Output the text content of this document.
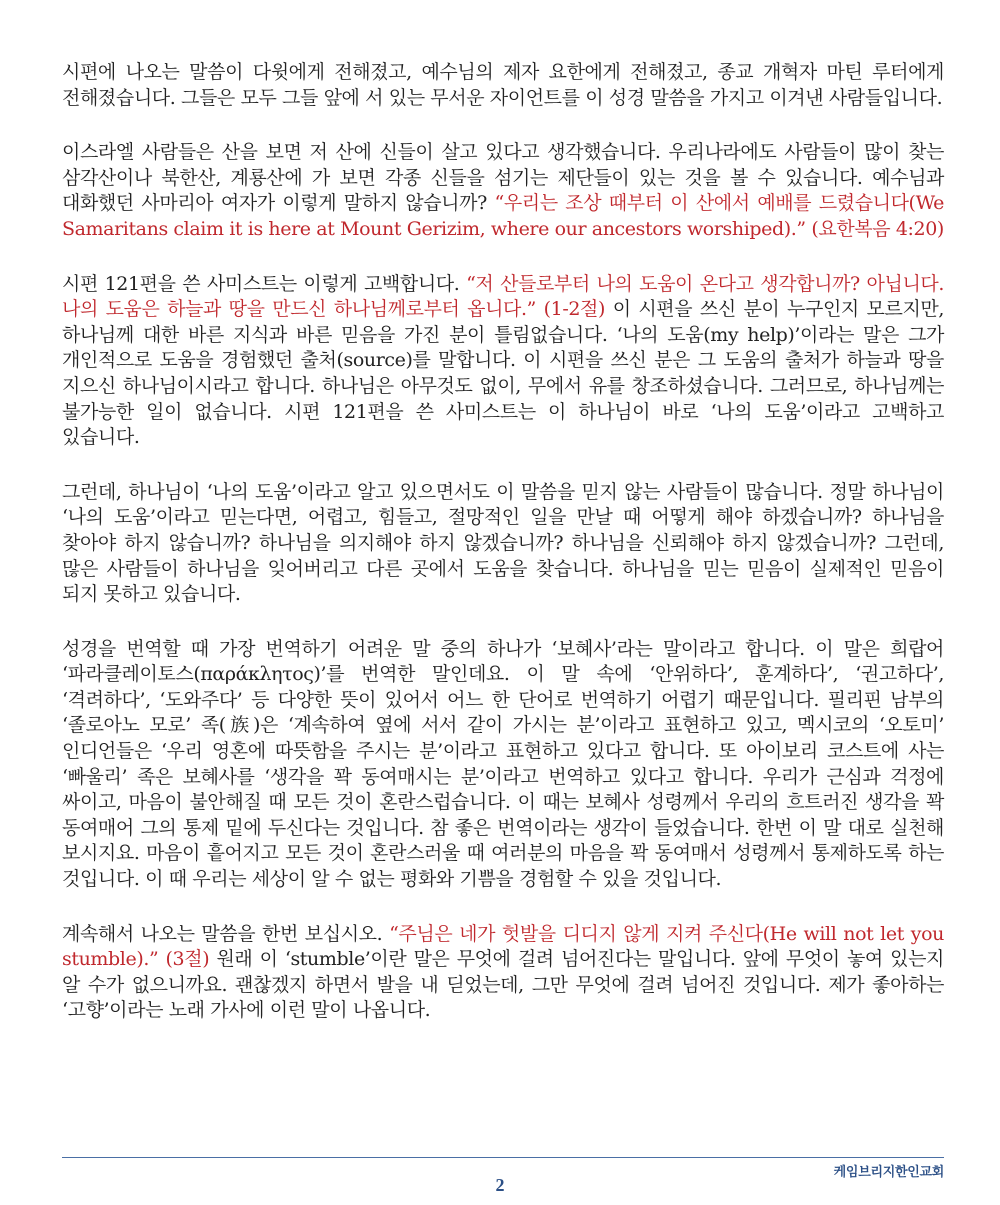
시편에 나오는 말씀이 다윗에게 전해졌고, 예수님의 제자 요한에게 전해졌고, 종교 개혁자 마틴 루터에게 전해졌습니다. 그들은 모두 그들 앞에 서 있는 무서운 자이언트를 이 성경 말씀을 가지고 이겨낸 사람들입니다.

이스라엘 사람들은 산을 보면 저 산에 신들이 살고 있다고 생각했습니다. 우리나라에도 사람들이 많이 찾는 삼각산이나 북한산, 계룡산에 가 보면 각종 신들을 섬기는 제단들이 있는 것을 볼 수 있습니다. 예수님과 대화했던 사마리아 여자가 이렇게 말하지 않습니까? “우리는 조상 때부터 이 산에서 예배를 드렸습니다(We Samaritans claim it is here at Mount Gerizim, where our ancestors worshiped).” (요한복음 4:20)

시편 121편을 쓴 사미스트는 이렇게 고백합니다. “저 산들로부터 나의 도움이 온다고 생각합니까? 아닙니다. 나의 도움은 하늘과 땅을 만드신 하나님께로부터 옵니다.” (1-2절) 이 시편을 쓰신 분이 누구인지 모르지만, 하나님께 대한 바른 지식과 바른 믿음을 가진 분이 틀림없습니다. ‘나의 도움(my help)’이라는 말은 그가 개인적으로 도움을 경험했던 출처(source)를 말합니다. 이 시편을 쓰신 분은 그 도움의 출처가 하늘과 땅을 지으신 하나님이시라고 합니다. 하나님은 아무것도 없이, 무에서 유를 창조하셨습니다. 그러므로, 하나님께는 불가능한 일이 없습니다. 시편 121편을 쓴 사미스트는 이 하나님이 바로 ‘나의 도움’이라고 고백하고 있습니다.

그런데, 하나님이 ‘나의 도움’이라고 알고 있으면서도 이 말씀을 믿지 않는 사람들이 많습니다. 정말 하나님이 ‘나의 도움’이라고 믿는다면, 어렵고, 힘들고, 절망적인 일을 만날 때 어떻게 해야 하겠습니까? 하나님을 찾아야 하지 않습니까? 하나님을 의지해야 하지 않겠습니까? 하나님을 신뢰해야 하지 않겠습니까? 그런데, 많은 사람들이 하나님을 잊어버리고 다른 곳에서 도움을 찾습니다. 하나님을 믿는 믿음이 실제적인 믿음이 되지 못하고 있습니다.

성경을 번역할 때 가장 번역하기 어려운 말 중의 하나가 ‘보혜사’라는 말이라고 합니다. 이 말은 희랍어 ‘파라클레이토스(παράκλητος)’를 번역한 말인데요. 이 말 속에 ‘안위하다’, 훈계하다’, ‘권고하다’, ‘격려하다’, ‘도와주다’ 등 다양한 뜻이 있어서 어느 한 단어로 번역하기 어렵기 때문입니다. 필리핀 남부의 ‘졸로아노 모로’ 족(族)은 ‘계속하여 옆에 서서 같이 가시는 분’이라고 표현하고 있고, 멕시코의 ‘오토미’ 인디언들은 ‘우리 영혼에 따뜻함을 주시는 분’이라고 표현하고 있다고 합니다. 또 아이보리 코스트에 사는 ‘빠울리’ 족은 보혜사를 ‘생각을 꽉 동여매시는 분’이라고 번역하고 있다고 합니다. 우리가 근심과 걱정에 싸이고, 마음이 불안해질 때 모든 것이 혼란스럽습니다. 이 때는 보혜사 성령께서 우리의 흐트러진 생각을 꽉 동여매어 그의 통제 밑에 두신다는 것입니다. 참 좋은 번역이라는 생각이 들었습니다. 한번 이 말 대로 실천해 보시지요. 마음이 흩어지고 모든 것이 혼란스러울 때 여러분의 마음을 꽉 동여매서 성령께서 통제하도록 하는 것입니다. 이 때 우리는 세상이 알 수 없는 평화와 기쁨을 경험할 수 있을 것입니다.

계속해서 나오는 말씀을 한번 보십시오. “주님은 네가 헛발을 디디지 않게 지켜 주신다(He will not let you stumble).” (3절) 원래 이 ‘stumble’이란 말은 무엇에 걸려 넘어진다는 말입니다. 앞에 무엇이 놓여 있는지 알 수가 없으니까요. 괜찮겠지 하면서 발을 내 딛었는데, 그만 무엇에 걸려 넘어진 것입니다. 제가 좋아하는 ‘고향’이라는 노래 가사에 이런 말이 나옵니다.

2
케임브리지한인교회
